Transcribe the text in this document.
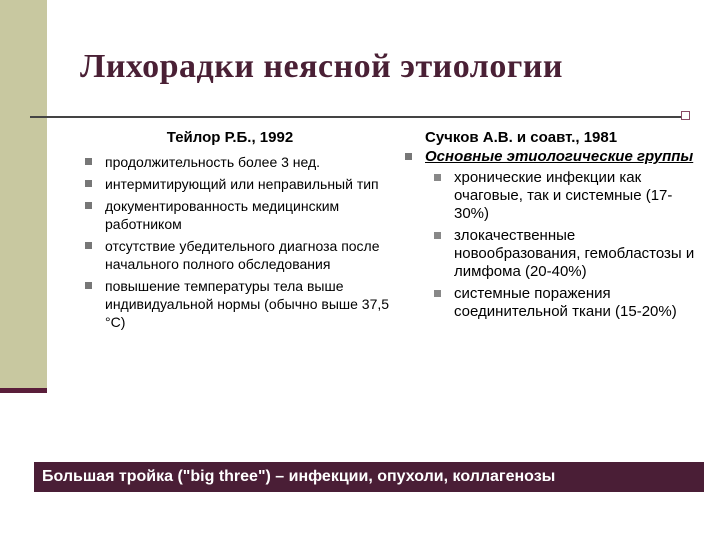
Лихорадки неясной этиологии
Тейлор Р.Б., 1992
продолжительность более 3 нед.
интермитирующий или неправильный тип
документированность медицинским работником
отсутствие убедительного диагноза после начального полного обследования
повышение температуры тела выше индивидуальной нормы (обычно выше 37,5 °С)
Сучков А.В. и соавт., 1981
Основные этиологические группы
хронические инфекции как очаговые, так и системные (17-30%)
злокачественные новообразования, гемобластозы и лимфома (20-40%)
системные поражения соединительной ткани (15-20%)
Большая тройка ("big three") – инфекции, опухоли, коллагенозы
